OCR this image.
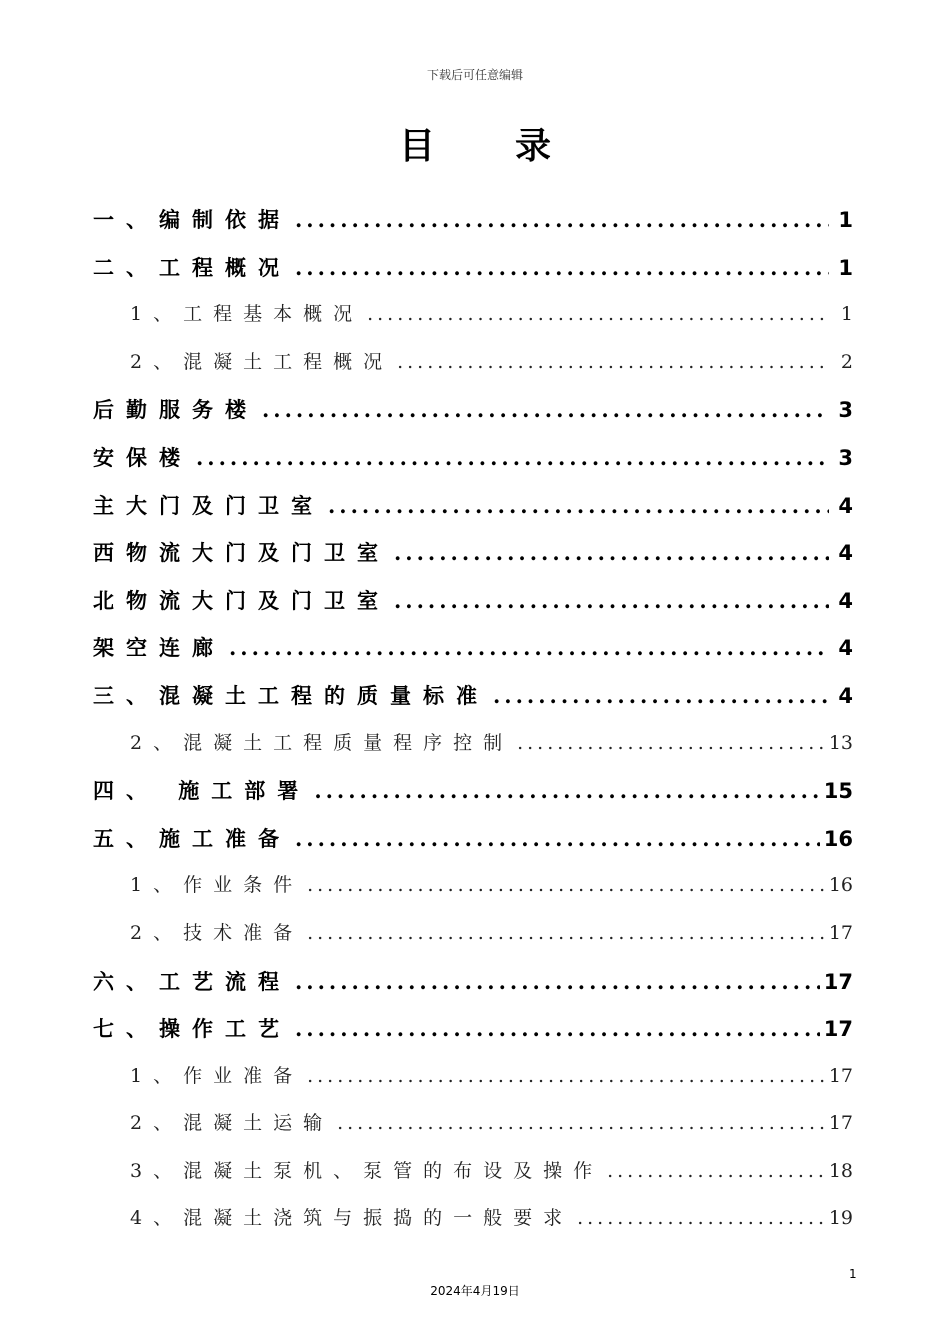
下载后可任意编辑
目录
一、编制依据 .....	1
二、工程概况 .....	1
1、工程基本概况 .....	1
2、混凝土工程概况 .....	2
后勤服务楼 .....	3
安保楼 .....	3
主大门及门卫室 .....	4
西物流大门及门卫室 .....	4
北物流大门及门卫室 .....	4
架空连廊 .....	4
三、混凝土工程的质量标准 .....	4
2、混凝土工程质量程序控制 .....	13
四、 施工部署 .....	15
五、施工准备 .....	16
1、作业条件 .....	16
2、技术准备 .....	17
六、工艺流程 .....	17
七、操作工艺 .....	17
1、作业准备 .....	17
2、混凝土运输 .....	17
3、混凝土泵机、泵管的布设及操作 .....	18
4、混凝土浇筑与振捣的一般要求 .....	19
1
2024年4月19日
